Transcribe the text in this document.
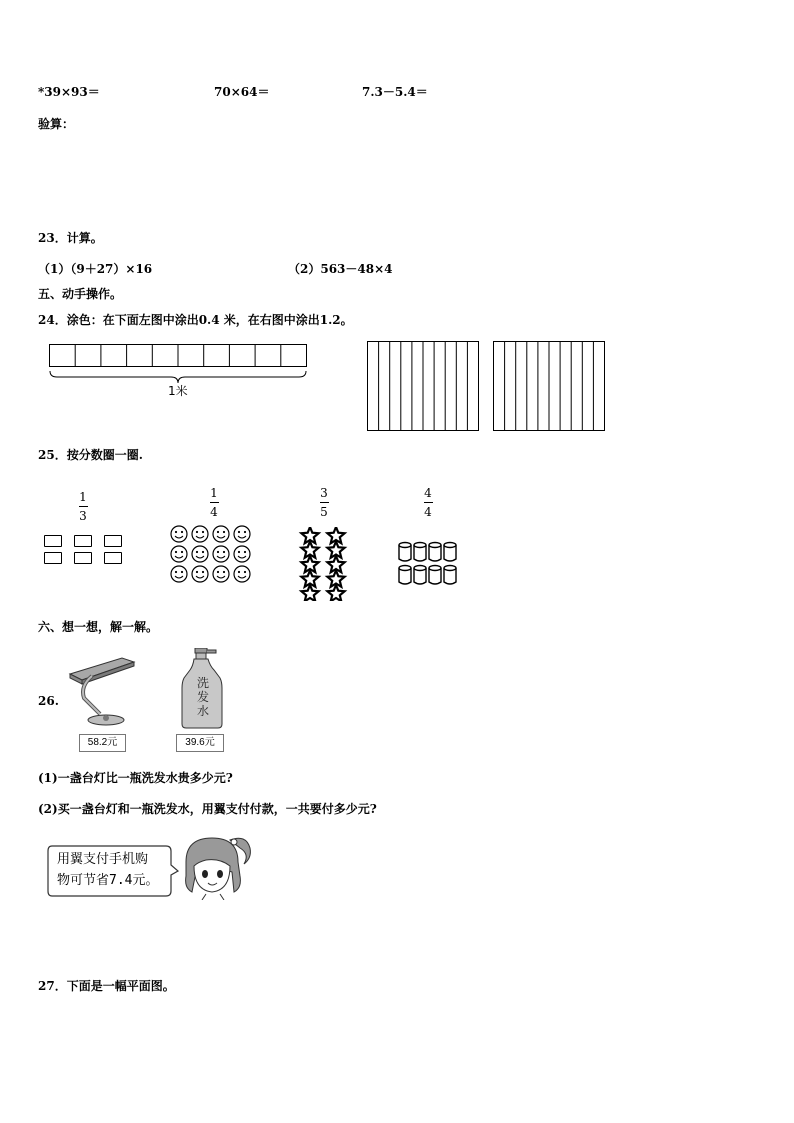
*39×93＝	70×64＝	7.3－5.4＝
验算：
23．计算。
（1）（9＋27）×16	（2）563－48×4
五、动手操作。
24．涂色：在下面左图中涂出0.4 米，在右图中涂出1.2。
1米
25．按分数圈一圈.
1
3
1
4
3
5
4
4
六、想一想，解一解。
26.
洗
发
水
58.2元	39.6元
(1)一盏台灯比一瓶洗发水贵多少元?
(2)买一盏台灯和一瓶洗发水，用翼支付付款，一共要付多少元?
用翼支付手机购
物可节省7.4元。
27．下面是一幅平面图。
